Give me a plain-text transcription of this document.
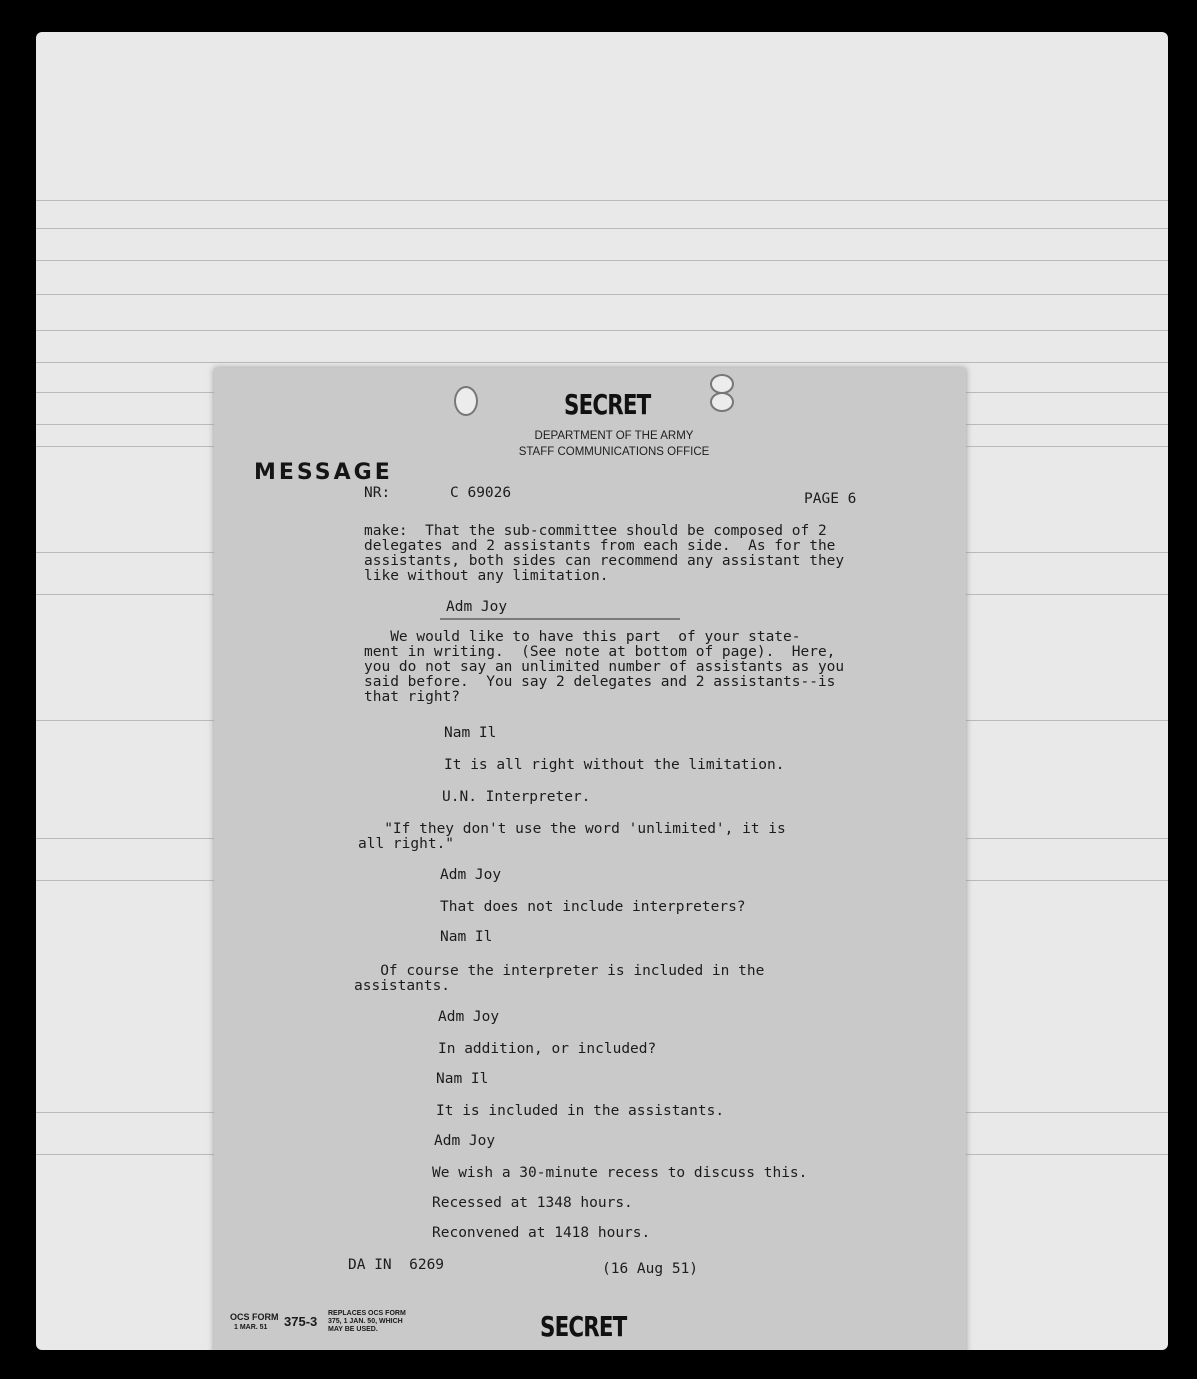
SECRET
MESSAGE
DEPARTMENT OF THE ARMY
STAFF COMMUNICATIONS OFFICE
NR:	C 69026	PAGE 6
make:  That the sub-committee should be composed of 2
delegates and 2 assistants from each side.  As for the
assistants, both sides can recommend any assistant they
like without any limitation.
Adm Joy
We would like to have this part  of your state-
ment in writing.  (See note at bottom of page).  Here,
you do not say an unlimited number of assistants as you
said before.  You say 2 delegates and 2 assistants--is
that right?
Nam Il
It is all right without the limitation.
U.N. Interpreter.
"If they don't use the word 'unlimited', it is
all right."
Adm Joy
That does not include interpreters?
Nam Il
Of course the interpreter is included in the
assistants.
Adm Joy
In addition, or included?
Nam Il
It is included in the assistants.
Adm Joy
We wish a 30-minute recess to discuss this.
Recessed at 1348 hours.
Reconvened at 1418 hours.
DA IN  6269	(16 Aug 51)
OCS FORM
1 MAR. 51 375-3
REPLACES OCS FORM
375, 1 JAN. 50, WHICH
MAY BE USED.	SECRET
